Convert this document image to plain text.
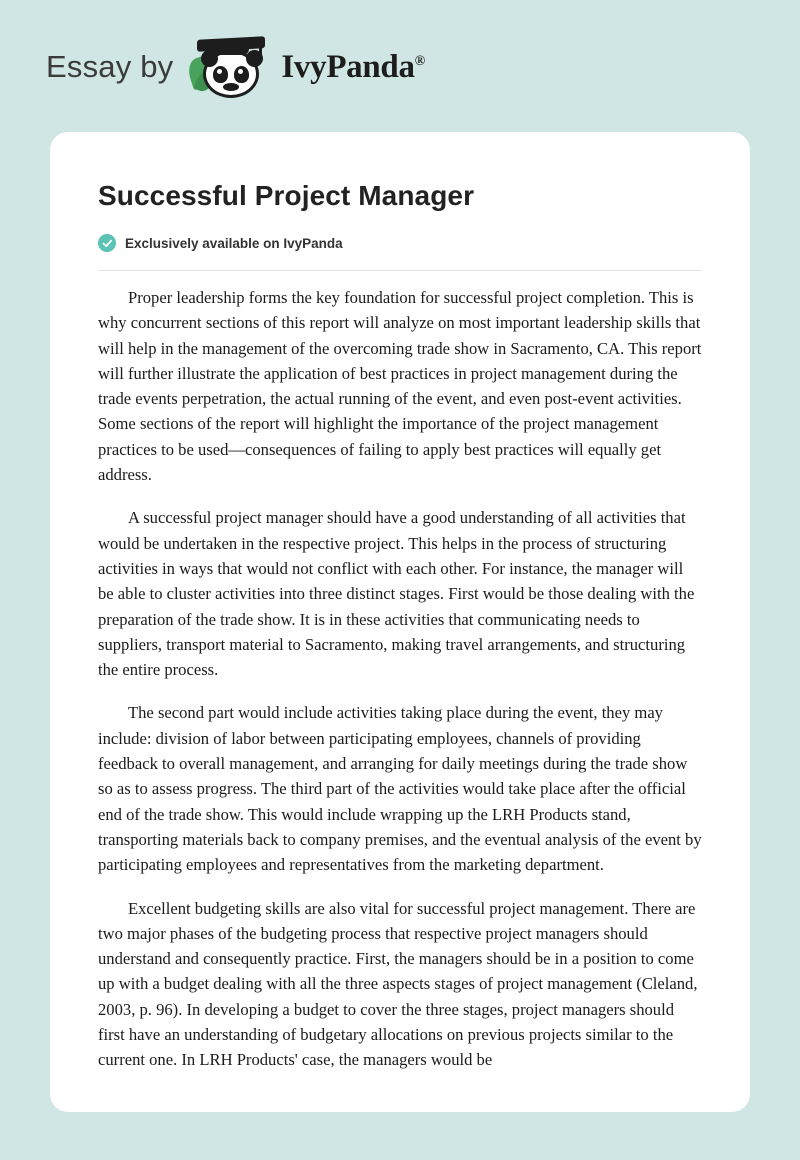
Essay by	IvyPanda®
Successful Project Manager
Exclusively available on IvyPanda

Proper leadership forms the key foundation for successful project completion. This is why concurrent sections of this report will analyze on most important leadership skills that will help in the management of the overcoming trade show in Sacramento, CA. This report will further illustrate the application of best practices in project management during the trade events perpetration, the actual running of the event, and even post-event activities. Some sections of the report will highlight the importance of the project management practices to be used—consequences of failing to apply best practices will equally get address.

A successful project manager should have a good understanding of all activities that would be undertaken in the respective project. This helps in the process of structuring activities in ways that would not conflict with each other. For instance, the manager will be able to cluster activities into three distinct stages. First would be those dealing with the preparation of the trade show. It is in these activities that communicating needs to suppliers, transport material to Sacramento, making travel arrangements, and structuring the entire process.

The second part would include activities taking place during the event, they may include: division of labor between participating employees, channels of providing feedback to overall management, and arranging for daily meetings during the trade show so as to assess progress. The third part of the activities would take place after the official end of the trade show. This would include wrapping up the LRH Products stand, transporting materials back to company premises, and the eventual analysis of the event by participating employees and representatives from the marketing department.

Excellent budgeting skills are also vital for successful project management. There are two major phases of the budgeting process that respective project managers should understand and consequently practice. First, the managers should be in a position to come up with a budget dealing with all the three aspects stages of project management (Cleland, 2003, p. 96). In developing a budget to cover the three stages, project managers should first have an understanding of budgetary allocations on previous projects similar to the current one. In LRH Products' case, the managers would be
